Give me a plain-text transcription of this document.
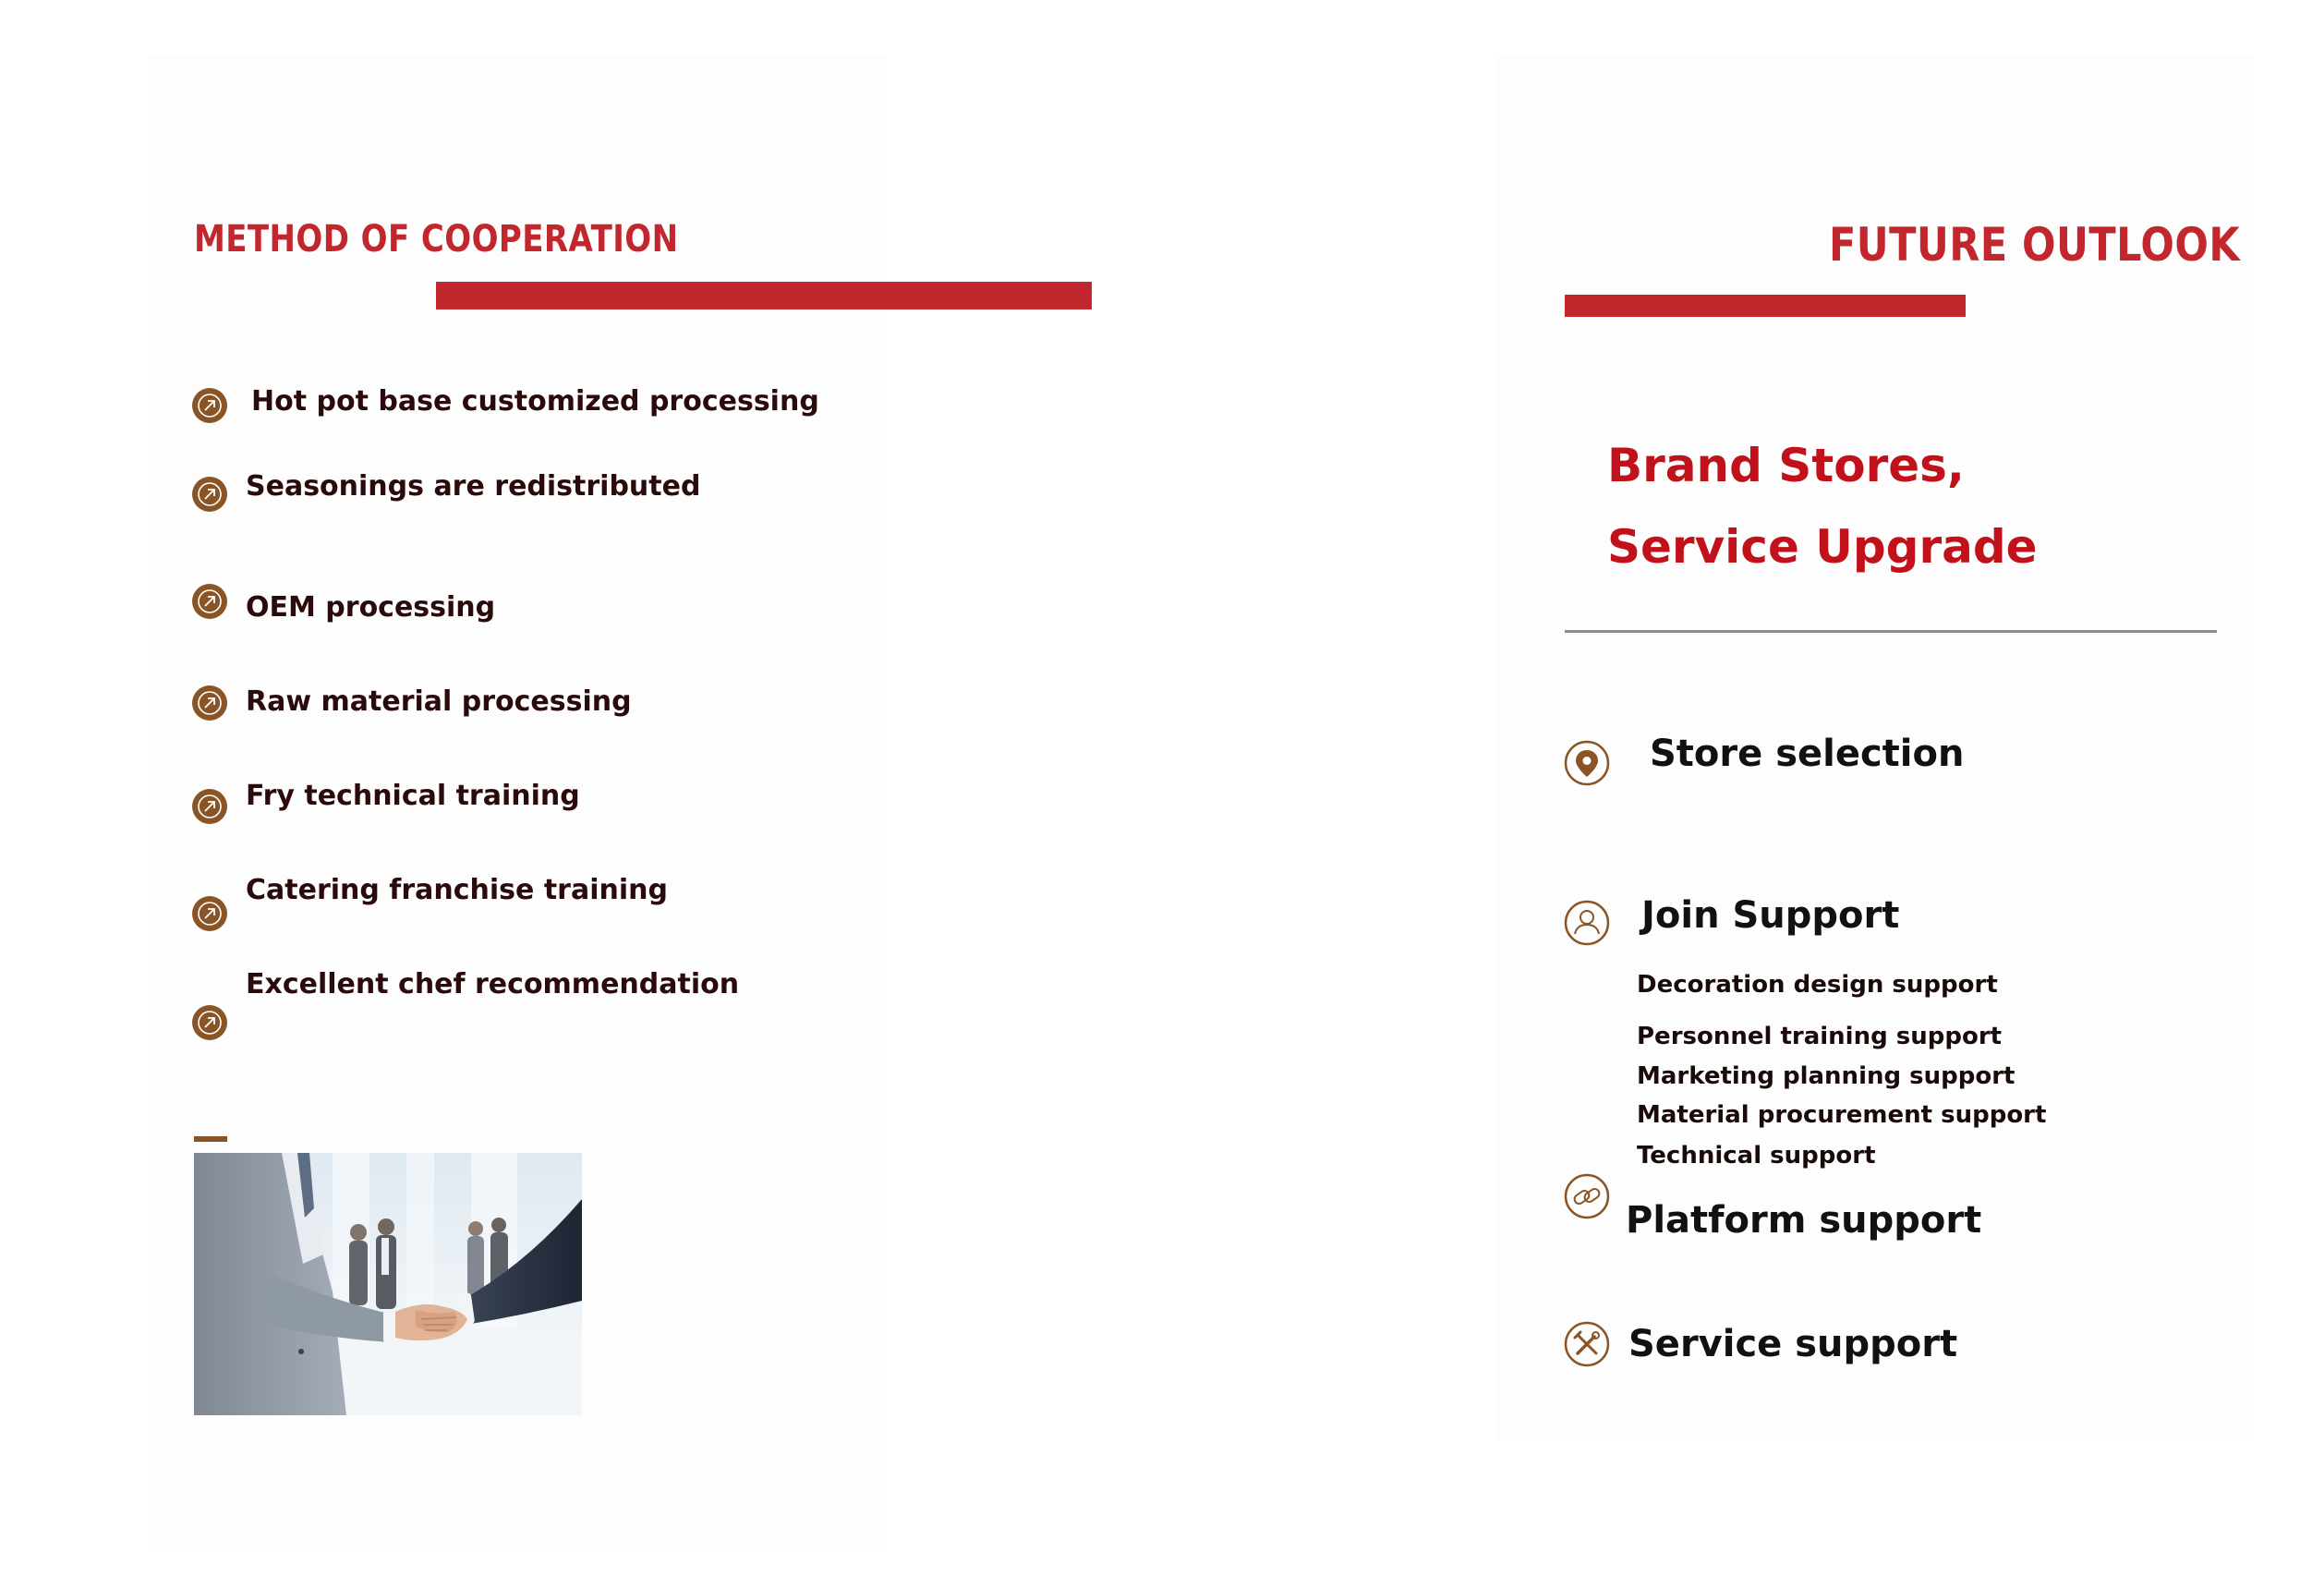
METHOD OF COOPERATION
Hot pot base customized processing
Seasonings are redistributed
OEM processing
Raw material processing
Fry technical training
Catering franchise training
Excellent chef recommendation
FUTURE OUTLOOK
Brand Stores,
Service Upgrade
Store selection
Join Support
Decoration design support
Personnel training support
Marketing planning support
Material procurement support
Technical support
Platform support
Service support
